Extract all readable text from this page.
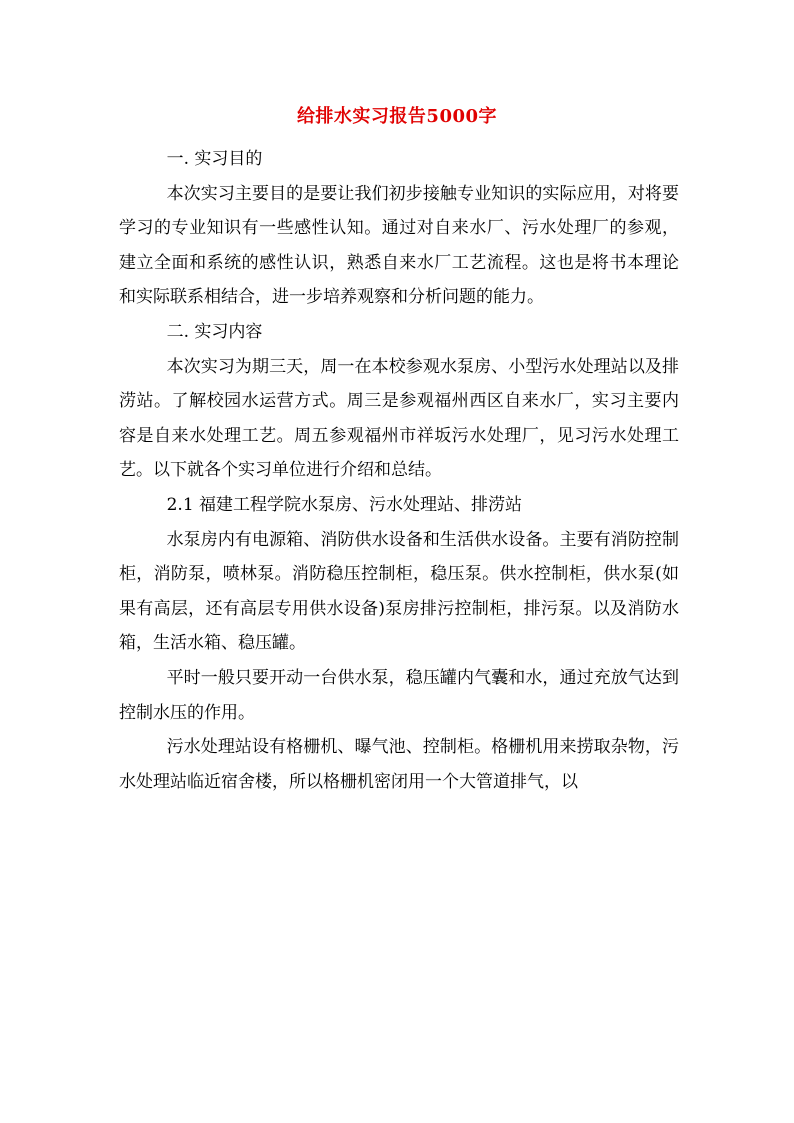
给排水实习报告5000字

一. 实习目的

本次实习主要目的是要让我们初步接触专业知识的实际应用，对将要学习的专业知识有一些感性认知。通过对自来水厂、污水处理厂的参观，建立全面和系统的感性认识，熟悉自来水厂工艺流程。这也是将书本理论和实际联系相结合，进一步培养观察和分析问题的能力。

二. 实习内容

本次实习为期三天，周一在本校参观水泵房、小型污水处理站以及排涝站。了解校园水运营方式。周三是参观福州西区自来水厂，实习主要内容是自来水处理工艺。周五参观福州市祥坂污水处理厂，见习污水处理工艺。以下就各个实习单位进行介绍和总结。

2.1 福建工程学院水泵房、污水处理站、排涝站

水泵房内有电源箱、消防供水设备和生活供水设备。主要有消防控制柜，消防泵，喷林泵。消防稳压控制柜，稳压泵。供水控制柜，供水泵(如果有高层，还有高层专用供水设备)泵房排污控制柜，排污泵。以及消防水箱，生活水箱、稳压罐。

平时一般只要开动一台供水泵，稳压罐内气囊和水，通过充放气达到控制水压的作用。

污水处理站设有格栅机、曝气池、控制柜。格栅机用来捞取杂物，污水处理站临近宿舍楼，所以格栅机密闭用一个大管道排气，以
